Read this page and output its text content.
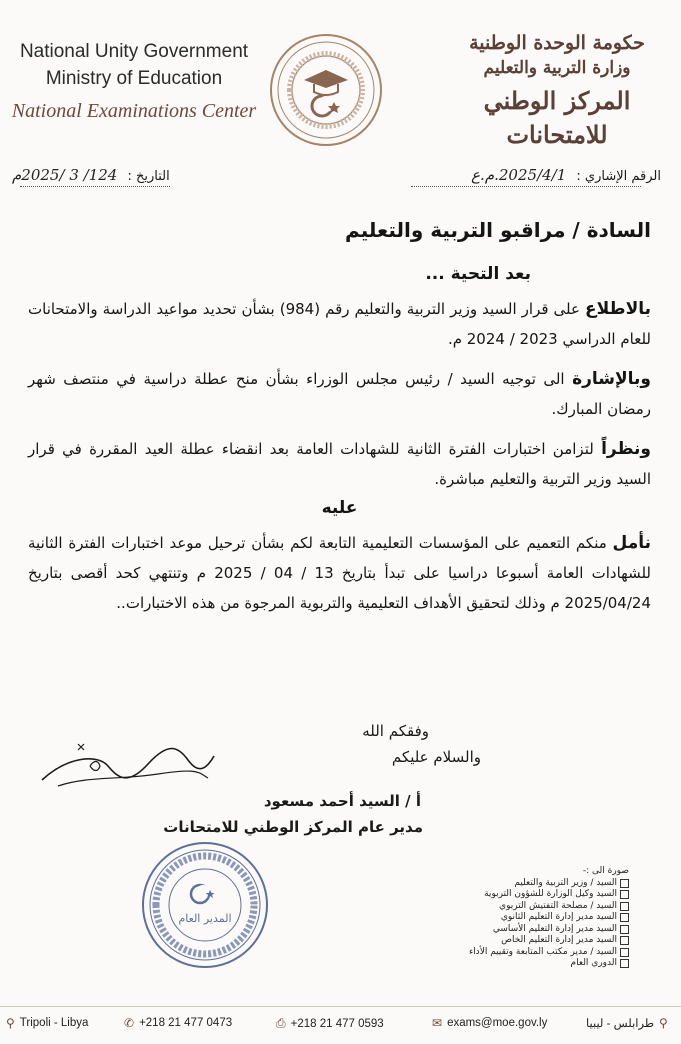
National Unity Government
Ministry of Education
National Examinations Center
حكومة الوحدة الوطنية
وزارة التربية والتعليم
المركز الوطني للامتحانات
الرقم الإشاري : 2025/4/1.م.ع
التاريخ : 124/ 3 /2025م

السادة / مراقبو التربية والتعليم

بعد التحية ...

بالاطلاع على قرار السيد وزير التربية والتعليم رقم (984) بشأن تحديد مواعيد الدراسة والامتحانات للعام الدراسي 2023 / 2024 م.

وبالإشارة الى توجيه السيد / رئيس مجلس الوزراء بشأن منح عطلة دراسية في منتصف شهر رمضان المبارك.

ونظراً لتزامن اختبارات الفترة الثانية للشهادات العامة بعد انقضاء عطلة العيد المقررة في قرار السيد وزير التربية والتعليم مباشرة.

عليه

نأمل منكم التعميم على المؤسسات التعليمية التابعة لكم بشأن ترحيل موعد اختبارات الفترة الثانية للشهادات العامة أسبوعا دراسيا على تبدأ بتاريخ 13 / 04 / 2025 م وتنتهي كحد أقصى بتاريخ 2025/04/24 م وذلك لتحقيق الأهداف التعليمية والتربوية المرجوة من هذه الاختبارات..

وفقكم الله
والسلام عليكم
أ / السيد أحمد مسعود
مدير عام المركز الوطني للامتحانات
المدير العام
صورة الى :-
السيد / وزير التربية والتعليم
السيد وكيل الوزارة للشؤون التربوية
السيد / مصلحة التفتيش التربوي
السيد مدير إدارة التعليم الثانوي
السيد مدير إدارة التعليم الأساسي
السيد مدير إدارة التعليم الخاص
السيد / مدير مكتب المتابعة وتقييم الأداء
الدوري العام
⚲ Tripoli - Libya	✆ +218 21 477 0473	⎙ +218 21 477 0593	✉ exams@moe.gov.ly	⚲
طرابلس - ليبيا
